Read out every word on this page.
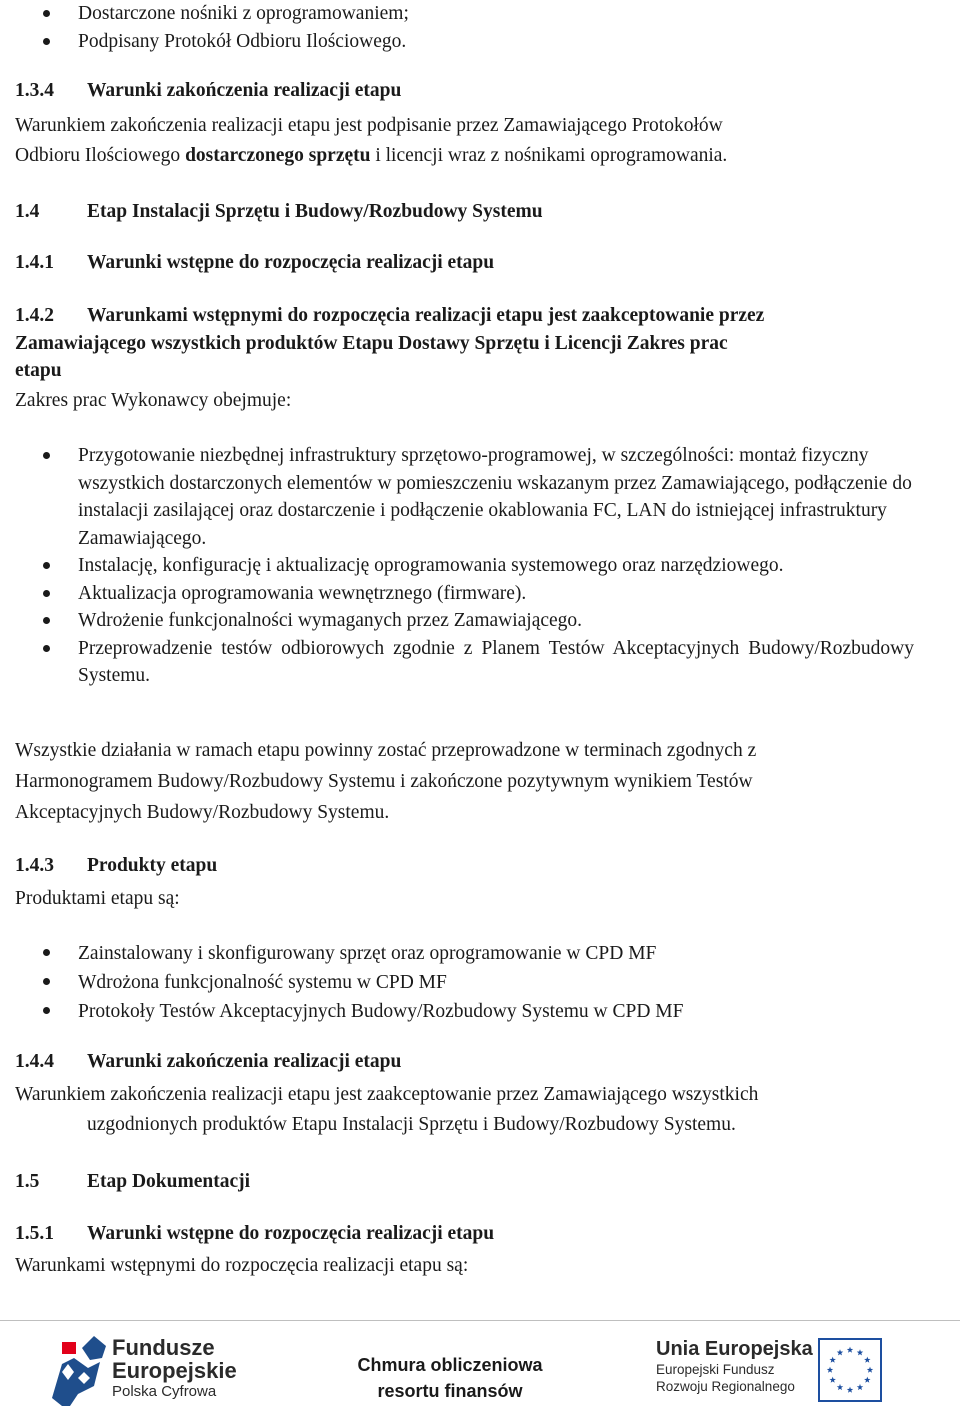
Dostarczone nośniki z oprogramowaniem;
Podpisany Protokół Odbioru Ilościowego.
1.3.4 Warunki zakończenia realizacji etapu
Warunkiem zakończenia realizacji etapu jest podpisanie przez Zamawiającego Protokołów
Odbioru Ilościowego dostarczonego sprzętu i licencji wraz z nośnikami oprogramowania.
1.4 Etap Instalacji Sprzętu i Budowy/Rozbudowy Systemu
1.4.1 Warunki wstępne do rozpoczęcia realizacji etapu
1.4.2 Warunkami wstępnymi do rozpoczęcia realizacji etapu jest zaakceptowanie przez
Zamawiającego wszystkich produktów Etapu Dostawy Sprzętu i Licencji Zakres prac
etapu
Zakres prac Wykonawcy obejmuje:
Przygotowanie niezbędnej infrastruktury sprzętowo-programowej, w szczególności: montaż fizyczny wszystkich dostarczonych elementów w pomieszczeniu wskazanym przez Zamawiającego, podłączenie do instalacji zasilającej oraz dostarczenie i podłączenie okablowania FC, LAN do istniejącej infrastruktury Zamawiającego.
Instalację, konfigurację i aktualizację oprogramowania systemowego oraz narzędziowego.
Aktualizacja oprogramowania wewnętrznego (firmware).
Wdrożenie funkcjonalności wymaganych przez Zamawiającego.
Przeprowadzenie testów odbiorowych zgodnie z Planem Testów Akceptacyjnych Budowy/Rozbudowy Systemu.
Wszystkie działania w ramach etapu powinny zostać przeprowadzone w terminach zgodnych z
Harmonogramem Budowy/Rozbudowy Systemu i zakończone pozytywnym wynikiem Testów
Akceptacyjnych Budowy/Rozbudowy Systemu.
1.4.3 Produkty etapu
Produktami etapu są:
Zainstalowany i skonfigurowany sprzęt oraz oprogramowanie w CPD MF
Wdrożona funkcjonalność systemu w CPD MF
Protokoły Testów Akceptacyjnych Budowy/Rozbudowy Systemu w CPD MF
1.4.4 Warunki zakończenia realizacji etapu
Warunkiem zakończenia realizacji etapu jest zaakceptowanie przez Zamawiającego wszystkich
uzgodnionych produktów Etapu Instalacji Sprzętu i Budowy/Rozbudowy Systemu.
1.5 Etap Dokumentacji
1.5.1 Warunki wstępne do rozpoczęcia realizacji etapu
Warunkami wstępnymi do rozpoczęcia realizacji etapu są:
Fundusze
Europejskie
Polska Cyfrowa
Chmura obliczeniowa
resortu finansów
Unia Europejska
Europejski Fundusz
Rozwoju Regionalnego
